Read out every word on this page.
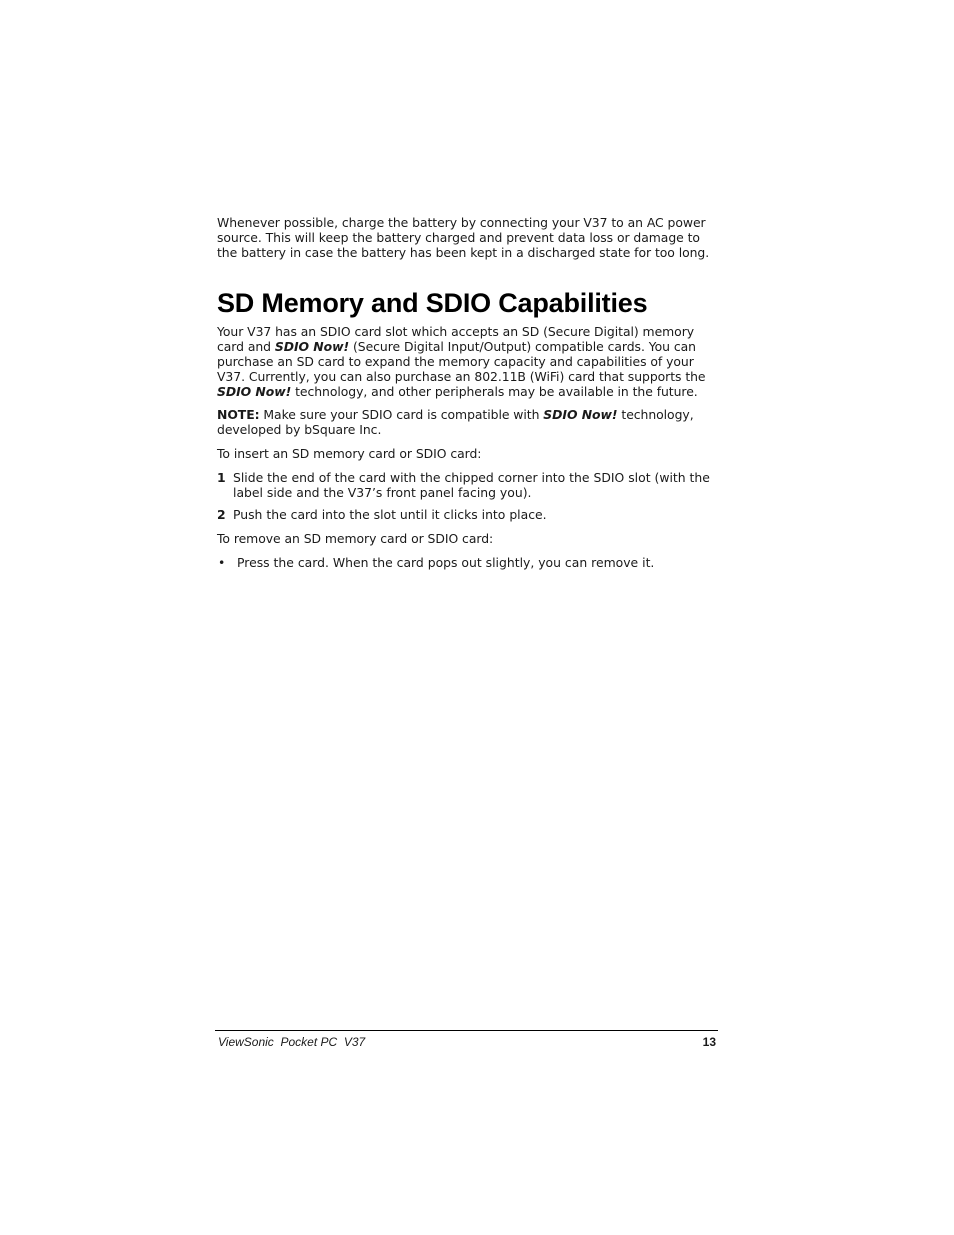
Whenever possible, charge the battery by connecting your V37 to an AC power source. This will keep the battery charged and prevent data loss or damage to the battery in case the battery has been kept in a discharged state for too long.

SD Memory and SDIO Capabilities

Your V37 has an SDIO card slot which accepts an SD (Secure Digital) memory card and SDIO Now! (Secure Digital Input/Output) compatible cards. You can purchase an SD card to expand the memory capacity and capabilities of your V37. Currently, you can also purchase an 802.11B (WiFi) card that supports the SDIO Now! technology, and other peripherals may be available in the future.

NOTE: Make sure your SDIO card is compatible with SDIO Now! technology, developed by bSquare Inc.

To insert an SD memory card or SDIO card:

1 Slide the end of the card with the chipped corner into the SDIO slot (with the label side and the V37’s front panel facing you).
2 Push the card into the slot until it clicks into place.

To remove an SD memory card or SDIO card:

• Press the card. When the card pops out slightly, you can remove it.
ViewSonic  Pocket PC  V37	13
